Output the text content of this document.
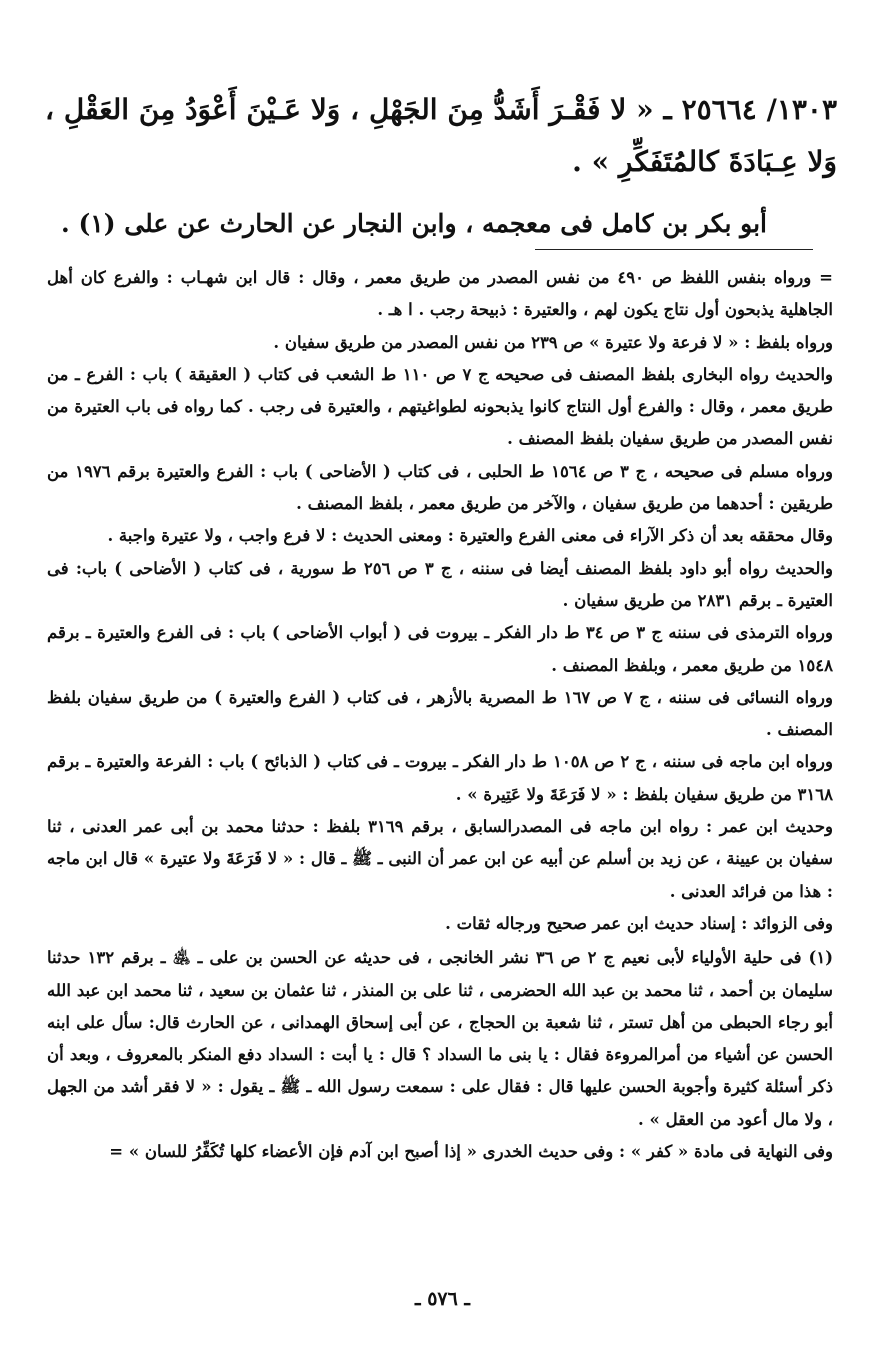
١٣٠٣/ ٢٥٦٦٤ ـ « لا فَقْـرَ أَشَدُّ مِنَ الجَهْلِ ، وَلا عَـيْنَ أَعْوَدُ مِنَ العَقْلِ ، وَلا عِـبَادَةَ كالمُتَفَكِّرِ » .

أبو بكر بن كامل فى معجمه ، وابن النجار عن الحارث عن على (١) .

= ورواه بنفس اللفظ ص ٤٩٠ من نفس المصدر من طريق معمر ، وقال : قال ابن شهـاب : والفرع كان أهل الجاهلية يذبحون أول نتاج يكون لهم ، والعتيرة : ذبيحة رجب . ا هـ .

ورواه بلفظ : « لا فرعة ولا عتيرة » ص ٢٣٩ من نفس المصدر من طريق سفيان .

والحديث رواه البخارى بلفظ المصنف فى صحيحه ج ٧ ص ١١٠ ط الشعب فى كتاب ( العقيقة ) باب : الفرع ـ من طريق معمر ، وقال : والفرع أول النتاج كانوا يذبحونه لطواغيتهم ، والعتيرة فى رجب . كما رواه فى باب العتيرة من نفس المصدر من طريق سفيان بلفظ المصنف .

ورواه مسلم فى صحيحه ، ج ٣ ص ١٥٦٤ ط الحلبى ، فى كتاب ( الأضاحى ) باب : الفرع والعتيرة برقم ١٩٧٦ من طريقين : أحدهما من طريق سفيان ، والآخر من طريق معمر ، بلفظ المصنف .

وقال محققه بعد أن ذكر الآراء فى معنى الفرع والعتيرة : ومعنى الحديث : لا فرع واجب ، ولا عتيرة واجبة .

والحديث رواه أبو داود بلفظ المصنف أيضا فى سننه ، ج ٣ ص ٢٥٦ ط سورية ، فى كتاب ( الأضاحى ) باب: فى العتيرة ـ برقم ٢٨٣١ من طريق سفيان .

ورواه الترمذى فى سننه ج ٣ ص ٣٤ ط دار الفكر ـ بيروت فى ( أبواب الأضاحى ) باب : فى الفرع والعتيرة ـ برقم ١٥٤٨ من طريق معمر ، وبلفظ المصنف .

ورواه النسائى فى سننه ، ج ٧ ص ١٦٧ ط المصرية بالأزهر ، فى كتاب ( الفرع والعتيرة ) من طريق سفيان بلفظ المصنف .

ورواه ابن ماجه فى سننه ، ج ٢ ص ١٠٥٨ ط دار الفكر ـ بيروت ـ فى كتاب ( الذبائح ) باب : الفرعة والعتيرة ـ برقم ٣١٦٨ من طريق سفيان بلفظ : « لا فَرَعَةَ ولا عَتِيرة » .

وحديث ابن عمر : رواه ابن ماجه فى المصدرالسابق ، برقم ٣١٦٩ بلفظ : حدثنا محمد بن أبى عمر العدنى ، ثنا سفيان بن عيينة ، عن زيد بن أسلم عن أبيه عن ابن عمر أن النبى ـ ﷺ ـ قال : « لا فَرَعَةَ ولا عتيرة » قال ابن ماجه : هذا من فرائد العدنى .

وفى الزوائد : إسناد حديث ابن عمر صحيح ورجاله ثقات .

(١) فى حلية الأولياء لأبى نعيم ج ٢ ص ٣٦ نشر الخانجى ، فى حديثه عن الحسن بن على ـ ﵁ ـ برقم ١٣٢ حدثنا سليمان بن أحمد ، ثنا محمد بن عبد الله الحضرمى ، ثنا على بن المنذر ، ثنا عثمان بن سعيد ، ثنا محمد ابن عبد الله أبو رجاء الحبطى من أهل تستر ، ثنا شعبة بن الحجاج ، عن أبى إسحاق الهمدانى ، عن الحارث قال: سأل على ابنه الحسن عن أشياء من أمرالمروءة فقال : يا بنى ما السداد ؟ قال : يا أبت : السداد دفع المنكر بالمعروف ، وبعد أن ذكر أسئلة كثيرة وأجوبة الحسن عليها قال : فقال على : سمعت رسول الله ـ ﷺ ـ يقول : « لا فقر أشد من الجهل ، ولا مال أعود من العقل » .

وفى النهاية فى مادة « كفر » : وفى حديث الخدرى « إذا أصبح ابن آدم فإن الأعضاء كلها تُكَفِّرُ للسان » =

ـ ٥٧٦ ـ
